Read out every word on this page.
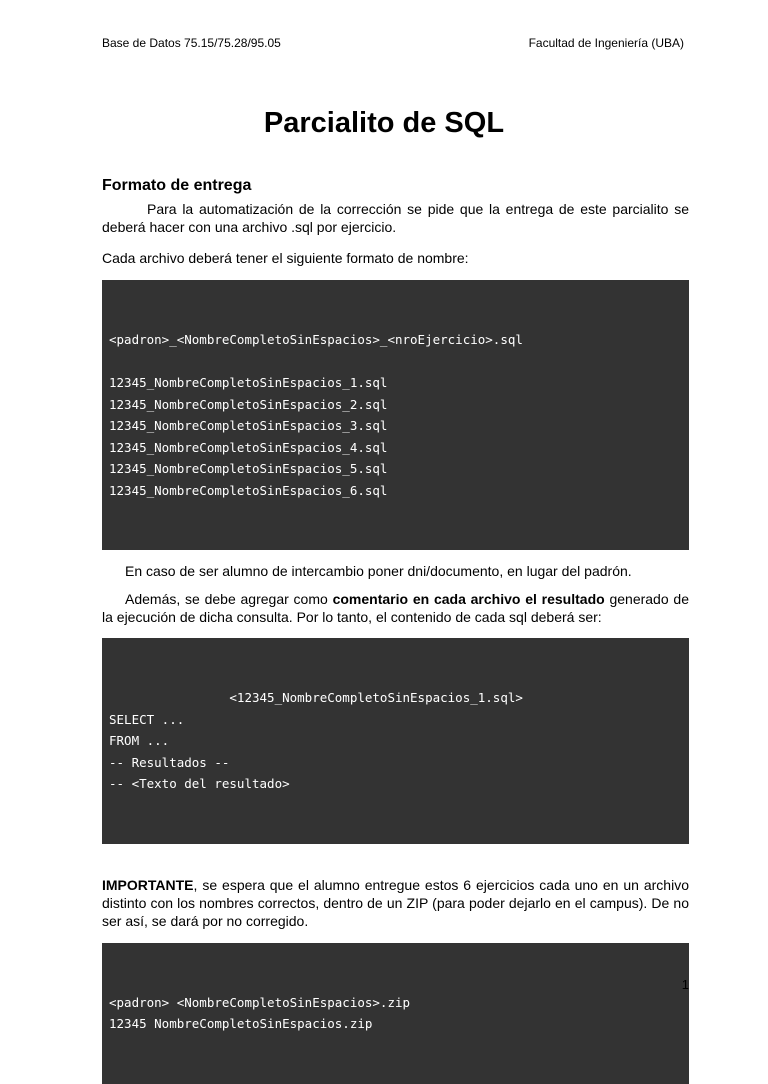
Base de Datos 75.15/75.28/95.05	Facultad de Ingeniería (UBA)
Parcialito de SQL
Formato de entrega

Para la automatización de la corrección se pide que la entrega de este parcialito se deberá hacer con una archivo .sql por ejercicio.

Cada archivo deberá tener el siguiente formato de nombre:

<padron>_<NombreCompletoSinEspacios>_<nroEjercicio>.sql
12345_NombreCompletoSinEspacios_1.sql
12345_NombreCompletoSinEspacios_2.sql
12345_NombreCompletoSinEspacios_3.sql
12345_NombreCompletoSinEspacios_4.sql
12345_NombreCompletoSinEspacios_5.sql
12345_NombreCompletoSinEspacios_6.sql

En caso de ser alumno de intercambio poner dni/documento, en lugar del padrón.

Además, se debe agregar como comentario en cada archivo el resultado generado de la ejecución de dicha consulta. Por lo tanto, el contenido de cada sql deberá ser:

<12345_NombreCompletoSinEspacios_1.sql>
SELECT ...
FROM ...
-- Resultados --
-- <Texto del resultado>

IMPORTANTE, se espera que el alumno entregue estos 6 ejercicios cada uno en un archivo distinto con los nombres correctos, dentro de un ZIP (para poder dejarlo en el campus). De no ser así, se dará por no corregido.

<padron> <NombreCompletoSinEspacios>.zip
12345 NombreCompletoSinEspacios.zip

1
